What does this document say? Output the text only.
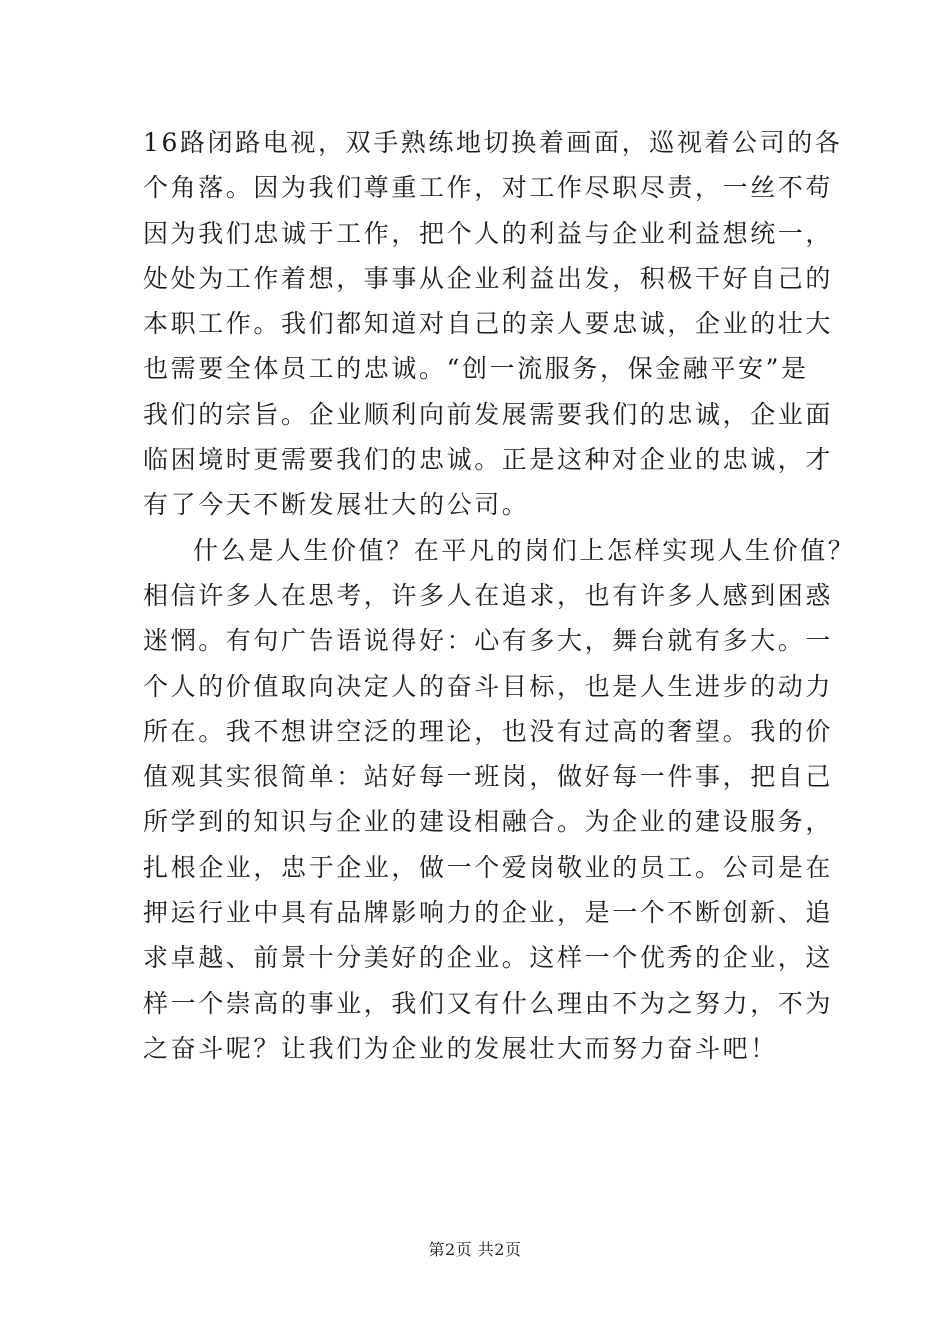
16路闭路电视，双手熟练地切换着画面，巡视着公司的各
个角落。因为我们尊重工作，对工作尽职尽责，一丝不苟
因为我们忠诚于工作，把个人的利益与企业利益想统一，
处处为工作着想，事事从企业利益出发，积极干好自己的
本职工作。我们都知道对自己的亲人要忠诚，企业的壮大
也需要全体员工的忠诚。“创一流服务，保金融平安”是
我们的宗旨。企业顺利向前发展需要我们的忠诚，企业面
临困境时更需要我们的忠诚。正是这种对企业的忠诚，才
有了今天不断发展壮大的公司。
什么是人生价值？在平凡的岗们上怎样实现人生价值？
相信许多人在思考，许多人在追求，也有许多人感到困惑
迷惘。有句广告语说得好：心有多大，舞台就有多大。一
个人的价值取向决定人的奋斗目标，也是人生进步的动力
所在。我不想讲空泛的理论，也没有过高的奢望。我的价
值观其实很简单：站好每一班岗，做好每一件事，把自己
所学到的知识与企业的建设相融合。为企业的建设服务，
扎根企业，忠于企业，做一个爱岗敬业的员工。公司是在
押运行业中具有品牌影响力的企业，是一个不断创新、追
求卓越、前景十分美好的企业。这样一个优秀的企业，这
样一个崇高的事业，我们又有什么理由不为之努力，不为
之奋斗呢？让我们为企业的发展壮大而努力奋斗吧！
第2页 共2页
